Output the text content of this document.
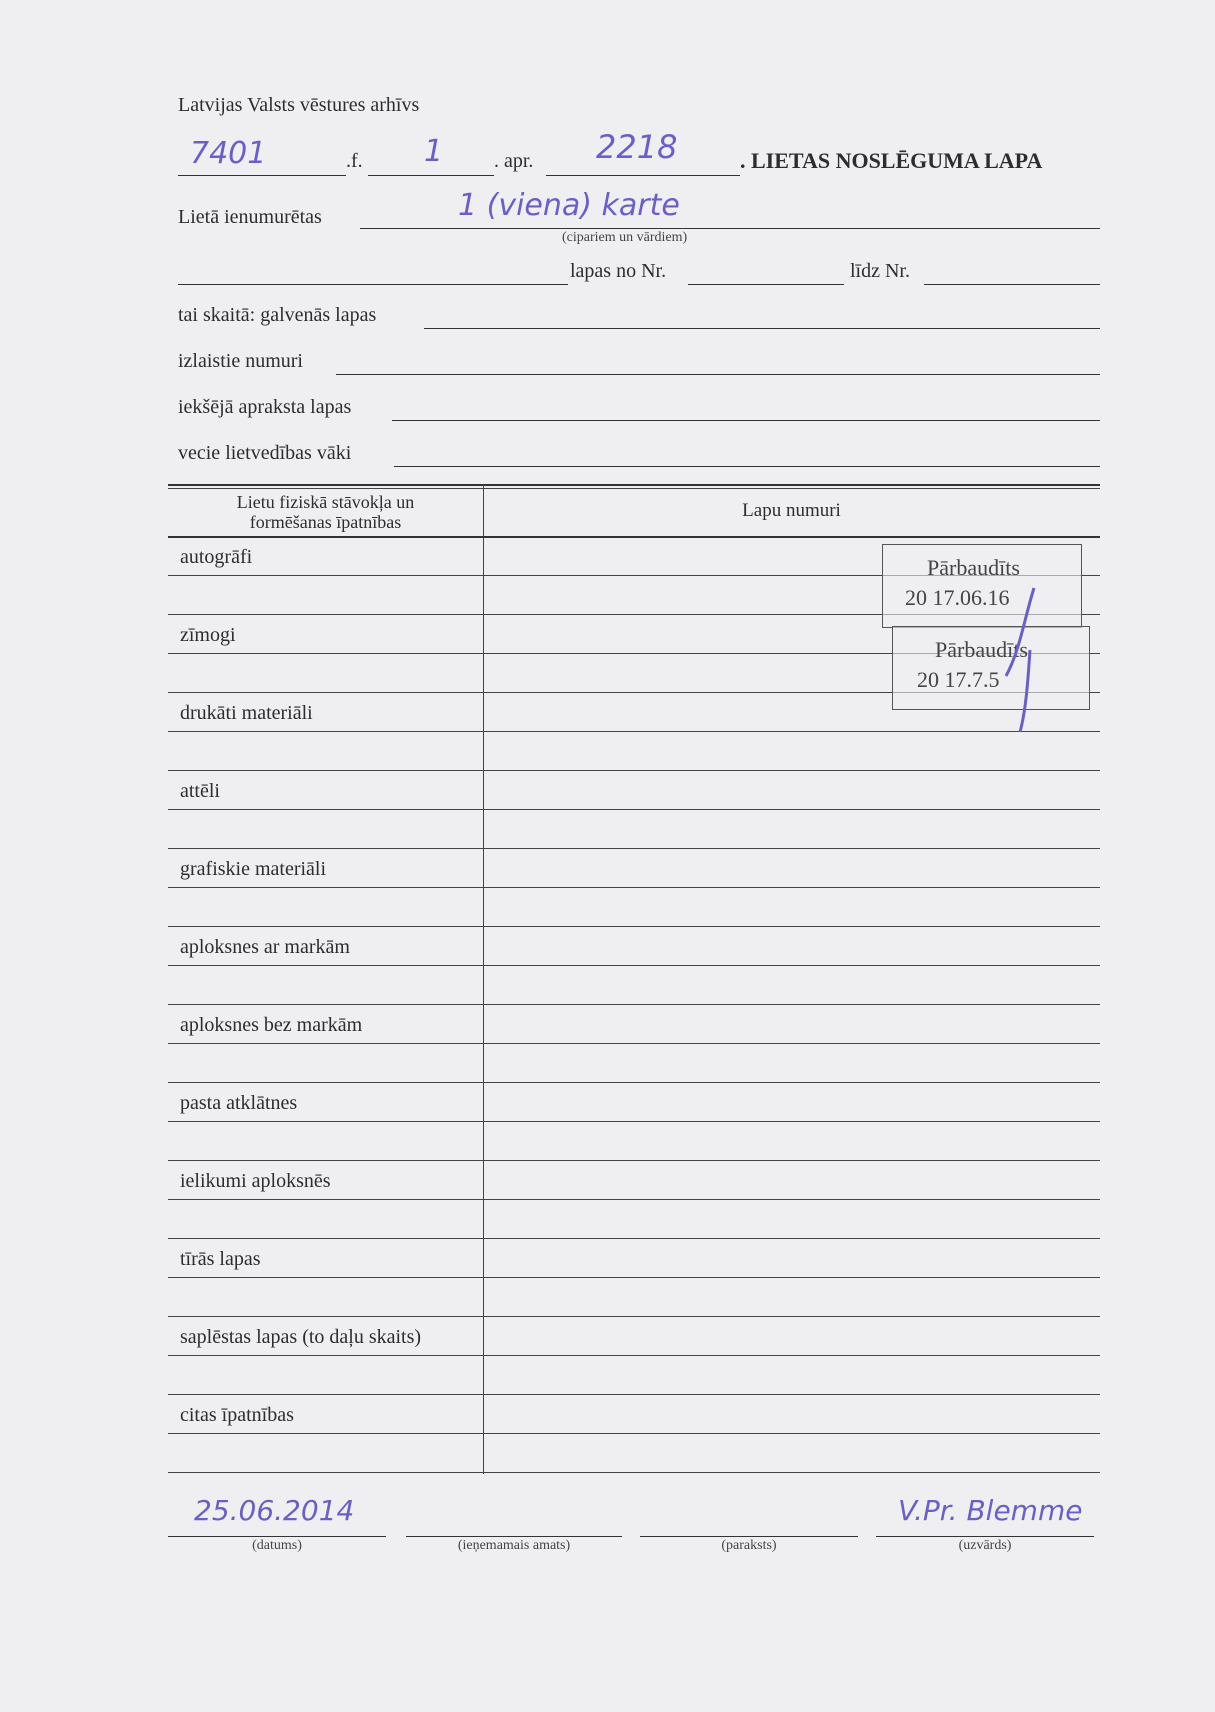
Latvijas Valsts vēstures arhīvs
7401	.f. 1	. apr. 2218	. LIETAS NOSLĒGUMA LAPA
Lietā ienumurētas	1 (viena) karte
(cipariem un vārdiem)
lapas no Nr.	līdz Nr.
tai skaitā: galvenās lapas
izlaistie numuri
iekšējā apraksta lapas
vecie lietvedības vāki
Lietu fiziskā stāvokļa un
formēšanas īpatnības
Lapu numuri
autogrāfi
zīmogi
drukāti materiāli
attēli
grafiskie materiāli
aploksnes ar markām
aploksnes bez markām
pasta atklātnes
ielikumi aploksnēs
tīrās lapas
saplēstas lapas (to daļu skaits)
citas īpatnības
Pārbaudīts
20 17.06.16
Pārbaudīts
20 17.7.5
25.06.2014	V.Pr. Blemme
(datums)	(ieņemamais amats)	(paraksts)	(uzvārds)
